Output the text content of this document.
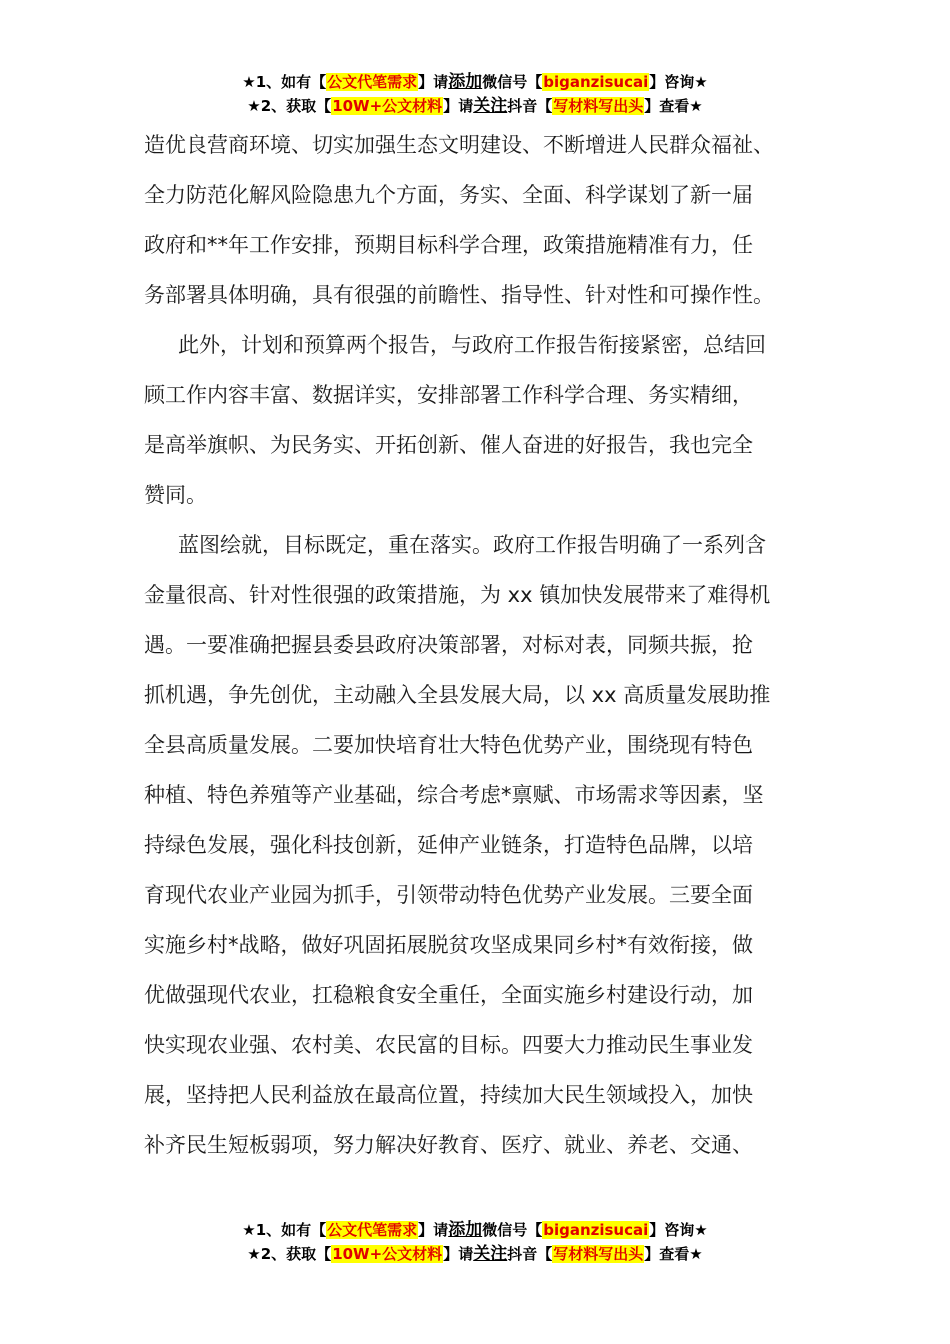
★1、如有【公文代笔需求】请添加微信号【biganzisucai】咨询★
★2、获取【10W+公文材料】请关注抖音【写材料写出头】查看★
造优良营商环境、切实加强生态文明建设、不断增进人民群众福祉、
全力防范化解风险隐患九个方面，务实、全面、科学谋划了新一届
政府和**年工作安排，预期目标科学合理，政策措施精准有力，任
务部署具体明确，具有很强的前瞻性、指导性、针对性和可操作性。
此外，计划和预算两个报告，与政府工作报告衔接紧密，总结回
顾工作内容丰富、数据详实，安排部署工作科学合理、务实精细，
是高举旗帜、为民务实、开拓创新、催人奋进的好报告，我也完全
赞同。
蓝图绘就，目标既定，重在落实。政府工作报告明确了一系列含
金量很高、针对性很强的政策措施，为 xx 镇加快发展带来了难得机
遇。一要准确把握县委县政府决策部署，对标对表，同频共振，抢
抓机遇，争先创优，主动融入全县发展大局，以 xx 高质量发展助推
全县高质量发展。二要加快培育壮大特色优势产业，围绕现有特色
种植、特色养殖等产业基础，综合考虑*禀赋、市场需求等因素，坚
持绿色发展，强化科技创新，延伸产业链条，打造特色品牌，以培
育现代农业产业园为抓手，引领带动特色优势产业发展。三要全面
实施乡村*战略，做好巩固拓展脱贫攻坚成果同乡村*有效衔接，做
优做强现代农业，扛稳粮食安全重任，全面实施乡村建设行动，加
快实现农业强、农村美、农民富的目标。四要大力推动民生事业发
展，坚持把人民利益放在最高位置，持续加大民生领域投入，加快
补齐民生短板弱项，努力解决好教育、医疗、就业、养老、交通、
★1、如有【公文代笔需求】请添加微信号【biganzisucai】咨询★
★2、获取【10W+公文材料】请关注抖音【写材料写出头】查看★
